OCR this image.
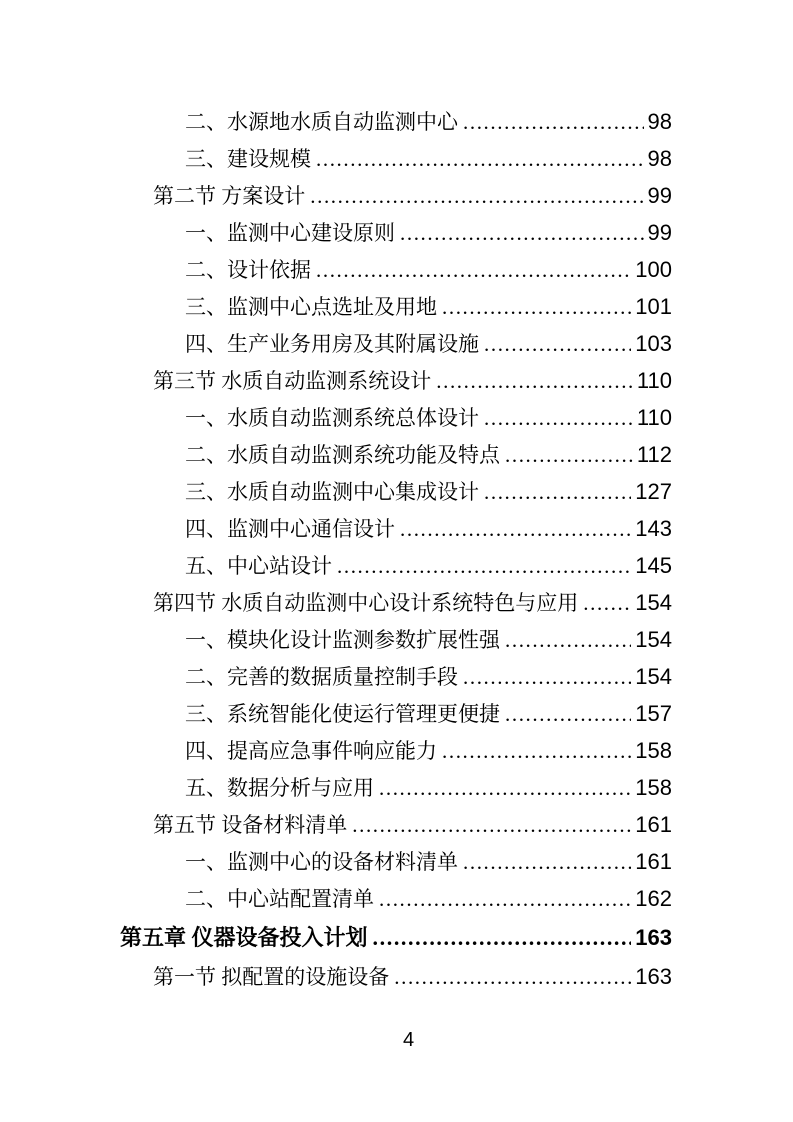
二、水源地水质自动监测中心 .....	98
三、建设规模 .....	98
第二节 方案设计 .....	99
一、监测中心建设原则 .....	99
二、设计依据 .....	100
三、监测中心点选址及用地 .....	101
四、生产业务用房及其附属设施 .....	103
第三节 水质自动监测系统设计 .....	110
一、水质自动监测系统总体设计 .....	110
二、水质自动监测系统功能及特点 .....	112
三、水质自动监测中心集成设计 .....	127
四、监测中心通信设计 .....	143
五、中心站设计 .....	145
第四节 水质自动监测中心设计系统特色与应用 .....	154
一、模块化设计监测参数扩展性强 .....	154
二、完善的数据质量控制手段 .....	154
三、系统智能化使运行管理更便捷 .....	157
四、提高应急事件响应能力 .....	158
五、数据分析与应用 .....	158
第五节 设备材料清单 .....	161
一、监测中心的设备材料清单 .....	161
二、中心站配置清单 .....	162
第五章 仪器设备投入计划 .....	163
第一节 拟配置的设施设备 .....	163
4
